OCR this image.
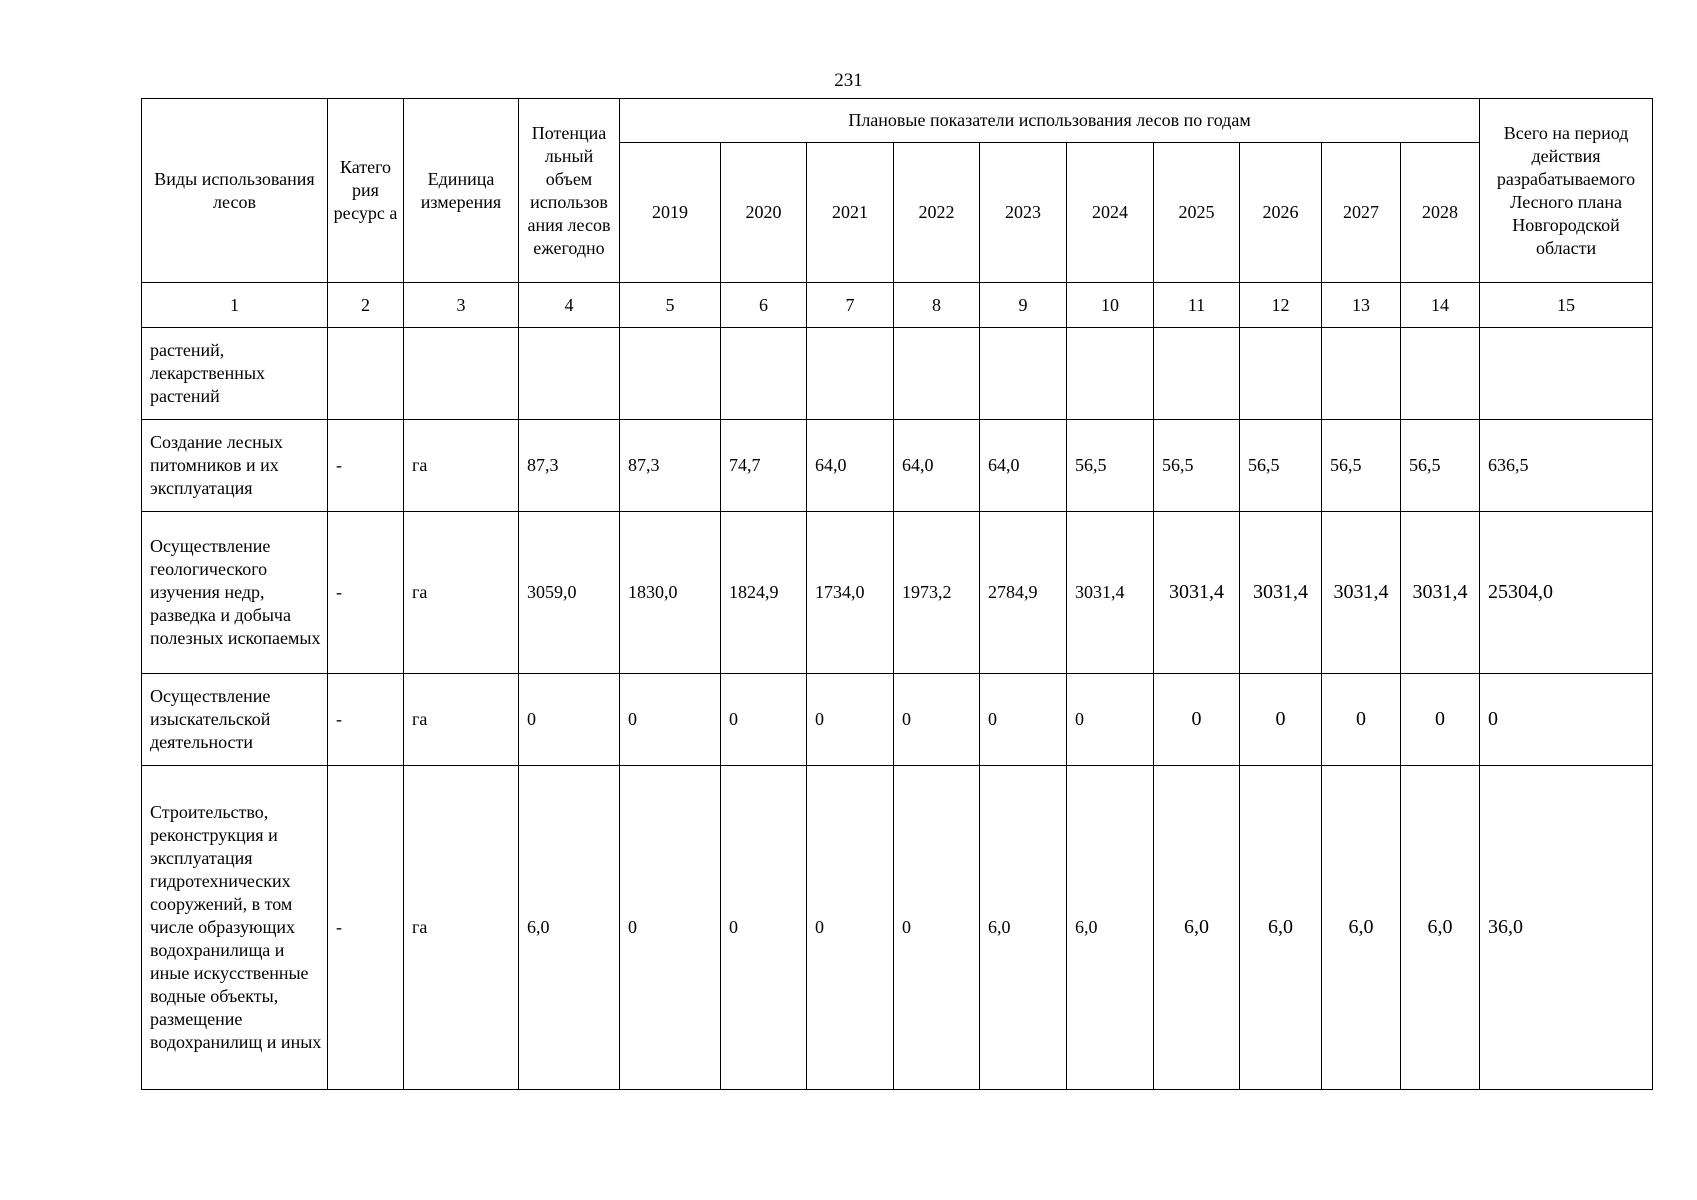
231
Виды использования лесов	Катего рия ресурс а	Единица измерения	Потенциа льный объем использов ания лесов ежегодно	Плановые показатели использования лесов по годам										Всего на период действия разрабатываемого Лесного плана Новгородской области
				2019	2020	2021	2022	2023	2024	2025	2026	2027	2028	
1	2	3	4	5	6	7	8	9	10	11	12	13	14	15
растений, лекарственных растений														
Создание лесных питомников и их эксплуатация	-	га	87,3	87,3	74,7	64,0	64,0	64,0	56,5	56,5	56,5	56,5	56,5	636,5
Осуществление геологического изучения недр, разведка и добыча полезных ископаемых	-	га	3059,0	1830,0	1824,9	1734,0	1973,2	2784,9	3031,4	3031,4	3031,4	3031,4	3031,4	25304,0
Осуществление изыскательской деятельности	-	га	0	0	0	0	0	0	0	0	0	0	0	0
Строительство, реконструкция и эксплуатация гидротехнических сооружений, в том числе образующих водохранилища и иные искусственные водные объекты, размещение водохранилищ и иных	-	га	6,0	0	0	0	0	6,0	6,0	6,0	6,0	6,0	6,0	36,0
